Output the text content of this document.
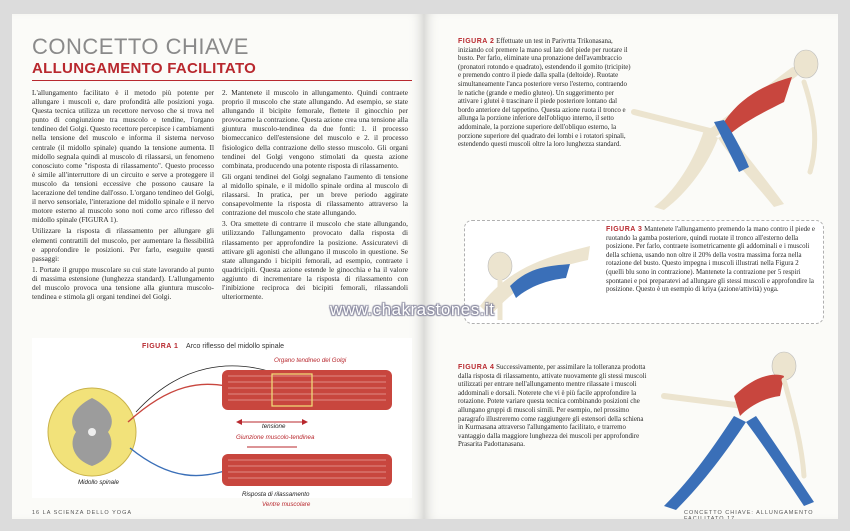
CONCETTO CHIAVE
ALLUNGAMENTO FACILITATO

L'allungamento facilitato è il metodo più potente per allungare i muscoli e, dare profondità alle posizioni yoga. Questa tecnica utilizza un recettore nervoso che si trova nel punto di congiunzione tra muscolo e tendine, l'organo tendineo del Golgi. Questo recettore percepisce i cambiamenti nella tensione del muscolo e informa il sistema nervoso centrale (il midollo spinale) quando la tensione aumenta. Il midollo segnala quindi al muscolo di rilassarsi, un fenomeno conosciuto come "risposta di rilassamento". Questo processo è simile all'interruttore di un circuito e serve a proteggere il muscolo da tensioni eccessive che possono causare la lacerazione del tendine dall'osso. L'organo tendineo del Golgi, il nervo sensoriale, l'interazione del midollo spinale e il nervo motore esterno al muscolo sono noti come arco riflesso del midollo spinale (FIGURA 1).

Utilizzare la risposta di rilassamento per allungare gli elementi contrattili del muscolo, per aumentare la flessibilità e approfondire le posizioni. Per farlo, eseguite questi passaggi:

1. Portate il gruppo muscolare su cui state lavorando al punto di massima estensione (lunghezza standard). L'allungamento del muscolo provoca una tensione alla giuntura muscolo-tendinea e stimola gli organi tendinei del Golgi.

2. Mantenete il muscolo in allungamento. Quindi contraete proprio il muscolo che state allungando. Ad esempio, se state allungando il bicipite femorale, flettete il ginocchio per provocarne la contrazione. Questa azione crea una tensione alla giuntura muscolo-tendinea da due fonti: 1. il processo biomeccanico dell'estensione del muscolo e 2. il processo fisiologico della contrazione dello stesso muscolo. Gli organi tendinei del Golgi vengono stimolati da questa azione combinata, producendo una potente risposta di rilassamento.

Gli organi tendinei del Golgi segnalano l'aumento di tensione al midollo spinale, e il midollo spinale ordina al muscolo di rilassarsi. In pratica, per un breve periodo aggirate consapevolmente la risposta di rilassamento attraverso la contrazione del muscolo che state allungando.

3. Ora smettete di contrarre il muscolo che state allungando, utilizzando l'allungamento provocato dalla risposta di rilassamento per approfondire la posizione. Assicuratevi di attivare gli agonisti che allungano il muscolo in questione. Se state allungando i bicipiti femorali, ad esempio, contraete i quadricipiti. Questa azione estende le ginocchia e ha il valore aggiunto di incrementare la risposta di rilassamento con l'inibizione reciproca dei bicipiti femorali, rilassandoli ulteriormente.

FIGURA 1 Arco riflesso del midollo spinale
Organo tendineo del Golgi
tensione
Giunzione muscolo-tendinea
Midollo spinale
Risposta di rilassamento
Ventre muscolare
16 LA SCIENZA DELLO YOGA
FIGURA 2 Effettuate un test in Parivrtta Trikonasana, iniziando col premere la mano sul lato del piede per ruotare il busto. Per farlo, eliminate una pronazione dell'avambraccio (pronatori rotondo e quadrato), estendendo il gomito (tricipite) e premendo contro il piede dalla spalla (deltoide). Ruotate simultaneamente l'anca posteriore verso l'esterno, contraendo le natiche (grande e medio gluteo). Un suggerimento per attivare i glutei è trascinare il piede posteriore lontano dal bordo anteriore del tappetino. Questa azione ruota il tronco e allunga la porzione inferiore dell'obliquo interno, il setto addominale, la porzione superiore dell'obliquo esterno, la porzione superiore del quadrato dei lombi e i rotatori spinali, estendendo questi muscoli oltre la loro lunghezza standard.
FIGURA 3 Mantenete l'allungamento premendo la mano contro il piede e ruotando la gamba posteriore, quindi ruotate il tronco all'esterno della posizione. Per farlo, contraete isometricamente gli addominali e i muscoli della schiena, usando non oltre il 20% della vostra massima forza nella rotazione del busto. Questo impegna i muscoli illustrati nella Figura 2 (quelli blu sono in contrazione). Mantenete la contrazione per 5 respiri spontanei e poi preparatevi ad allungare gli stessi muscoli e approfondire la posizione. Questo è un esempio di kriya (azione/attività) yoga.
FIGURA 4 Successivamente, per assimilare la tolleranza prodotta dalla risposta di rilassamento, attivate nuovamente gli stessi muscoli utilizzati per entrare nell'allungamento mentre rilassate i muscoli addominali e dorsali. Noterete che vi è più facile approfondire la rotazione. Potete variare questa tecnica combinando posizioni che allungano gruppi di muscoli simili. Per esempio, nel prossimo paragrafo illustreremo come raggiungere gli estensori della schiena in Kurmasana attraverso l'allungamento facilitato, e trarremo vantaggio dalla maggiore lunghezza dei muscoli per approfondire Prasarita Padottanasana.
CONCETTO CHIAVE: ALLUNGAMENTO FACILITATO 17
www.chakrastones.it
